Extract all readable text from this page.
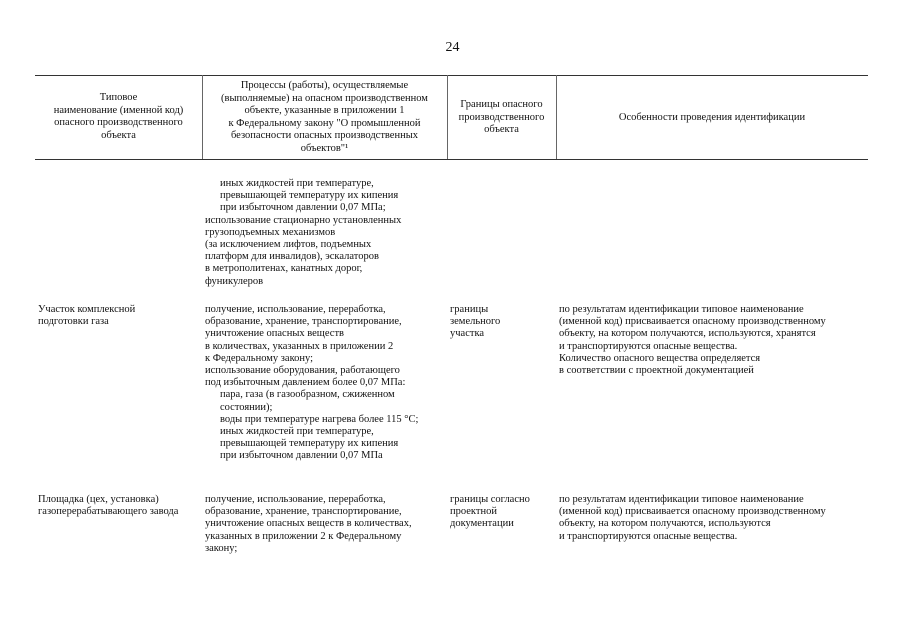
24
Типовое
наименование (именной код)
опасного производственного
объекта
Процессы (работы), осуществляемые
(выполняемые) на опасном производственном
объекте, указанные в приложении 1
к Федеральному закону "О промышленной
безопасности опасных производственных
объектов"¹
Границы опасного
производственного
объекта
Особенности проведения идентификации
иных жидкостей при температуре,
превышающей температуру их кипения
при избыточном давлении 0,07 МПа;
использование стационарно установленных
грузоподъемных механизмов
(за исключением лифтов, подъемных
платформ для инвалидов), эскалаторов
в метрополитенах, канатных дорог,
фуникулеров
Участок комплексной
подготовки газа
получение, использование, переработка,
образование, хранение, транспортирование,
уничтожение опасных веществ
в количествах, указанных в приложении 2
к Федеральному закону;
использование оборудования, работающего
под избыточным давлением более 0,07 МПа:
пара, газа (в газообразном, сжиженном
состоянии);
воды при температуре нагрева более 115 °C;
иных жидкостей при температуре,
превышающей температуру их кипения
при избыточном давлении 0,07 МПа
границы
земельного
участка
по результатам идентификации типовое наименование
(именной код) присваивается опасному производственному
объекту, на котором получаются, используются, хранятся
и транспортируются опасные вещества.
Количество опасного вещества определяется
в соответствии с проектной документацией
Площадка (цех, установка)
газоперерабатывающего завода
получение, использование, переработка,
образование, хранение, транспортирование,
уничтожение опасных веществ в количествах,
указанных в приложении 2 к Федеральному
закону;
границы согласно
проектной
документации
по результатам идентификации типовое наименование
(именной код) присваивается опасному производственному
объекту, на котором получаются, используются
и транспортируются опасные вещества.
